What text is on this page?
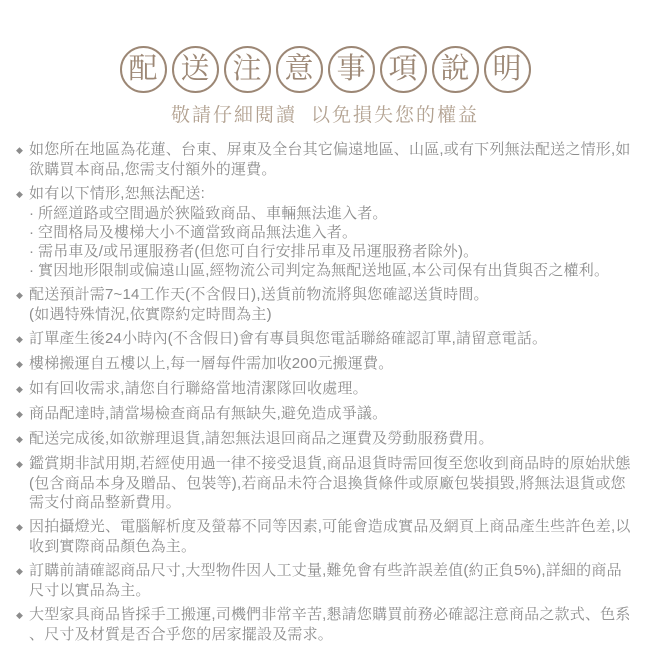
配 送 注 意 事 項 說 明
敬請仔細閱讀 以免損失您的權益
◆ 如您所在地區為花蓮、台東、屏東及全台其它偏遠地區、山區,或有下列無法配送之情形,如欲購買本商品,您需支付額外的運費。
◆ 如有以下情形,恕無法配送:
· 所經道路或空間過於狹隘致商品、車輛無法進入者。
· 空間格局及樓梯大小不適當致商品無法進入者。
· 需吊車及/或吊運服務者(但您可自行安排吊車及吊運服務者除外)。
· 實因地形限制或偏遠山區,經物流公司判定為無配送地區,本公司保有出貨與否之權利。
◆ 配送預計需7~14工作天(不含假日),送貨前物流將與您確認送貨時間。
(如遇特殊情況,依實際約定時間為主)
◆ 訂單產生後24小時內(不含假日)會有專員與您電話聯絡確認訂單,請留意電話。
◆ 樓梯搬運自五樓以上,每一層每件需加收200元搬運費。
◆ 如有回收需求,請您自行聯絡當地清潔隊回收處理。
◆ 商品配達時,請當場檢查商品有無缺失,避免造成爭議。
◆ 配送完成後,如欲辦理退貨,請恕無法退回商品之運費及勞動服務費用。
◆ 鑑賞期非試用期,若經使用過一律不接受退貨,商品退貨時需回復至您收到商品時的原始狀態(包含商品本身及贈品、包裝等),若商品未符合退換貨條件或原廠包裝損毀,將無法退貨或您需支付商品整新費用。
◆ 因拍攝燈光、電腦解析度及螢幕不同等因素,可能會造成實品及網頁上商品產生些許色差,以收到實際商品顏色為主。
◆ 訂購前請確認商品尺寸,大型物件因人工丈量,難免會有些許誤差值(約正負5%),詳細的商品尺寸以實品為主。
◆ 大型家具商品皆採手工搬運,司機們非常辛苦,懇請您購買前務必確認注意商品之款式、色系、尺寸及材質是否合乎您的居家擺設及需求。
